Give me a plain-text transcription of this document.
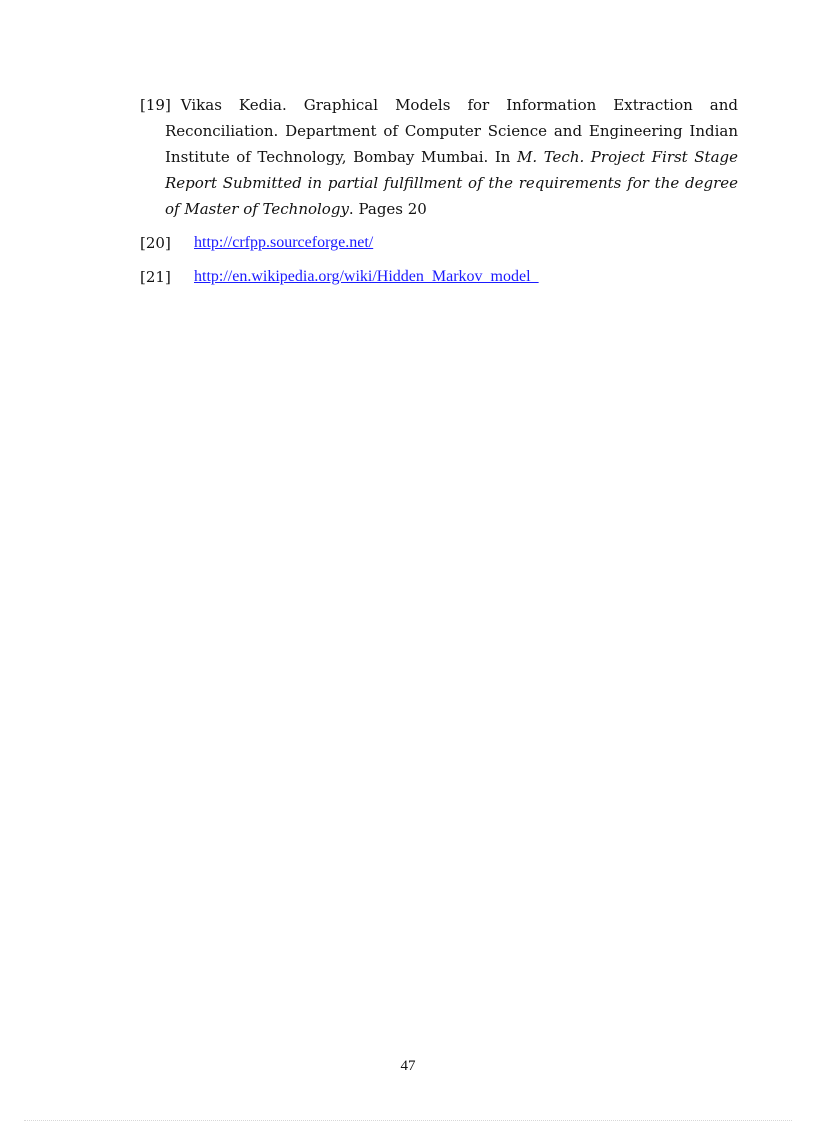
[19] Vikas Kedia. Graphical Models for Information Extraction and Reconciliation. Department of Computer Science and Engineering Indian Institute of Technology, Bombay Mumbai. In M. Tech. Project First Stage Report Submitted in partial fulfillment of the requirements for the degree of Master of Technology. Pages 20
[20] http://crfpp.sourceforge.net/
[21] http://en.wikipedia.org/wiki/Hidden_Markov_model_
47
